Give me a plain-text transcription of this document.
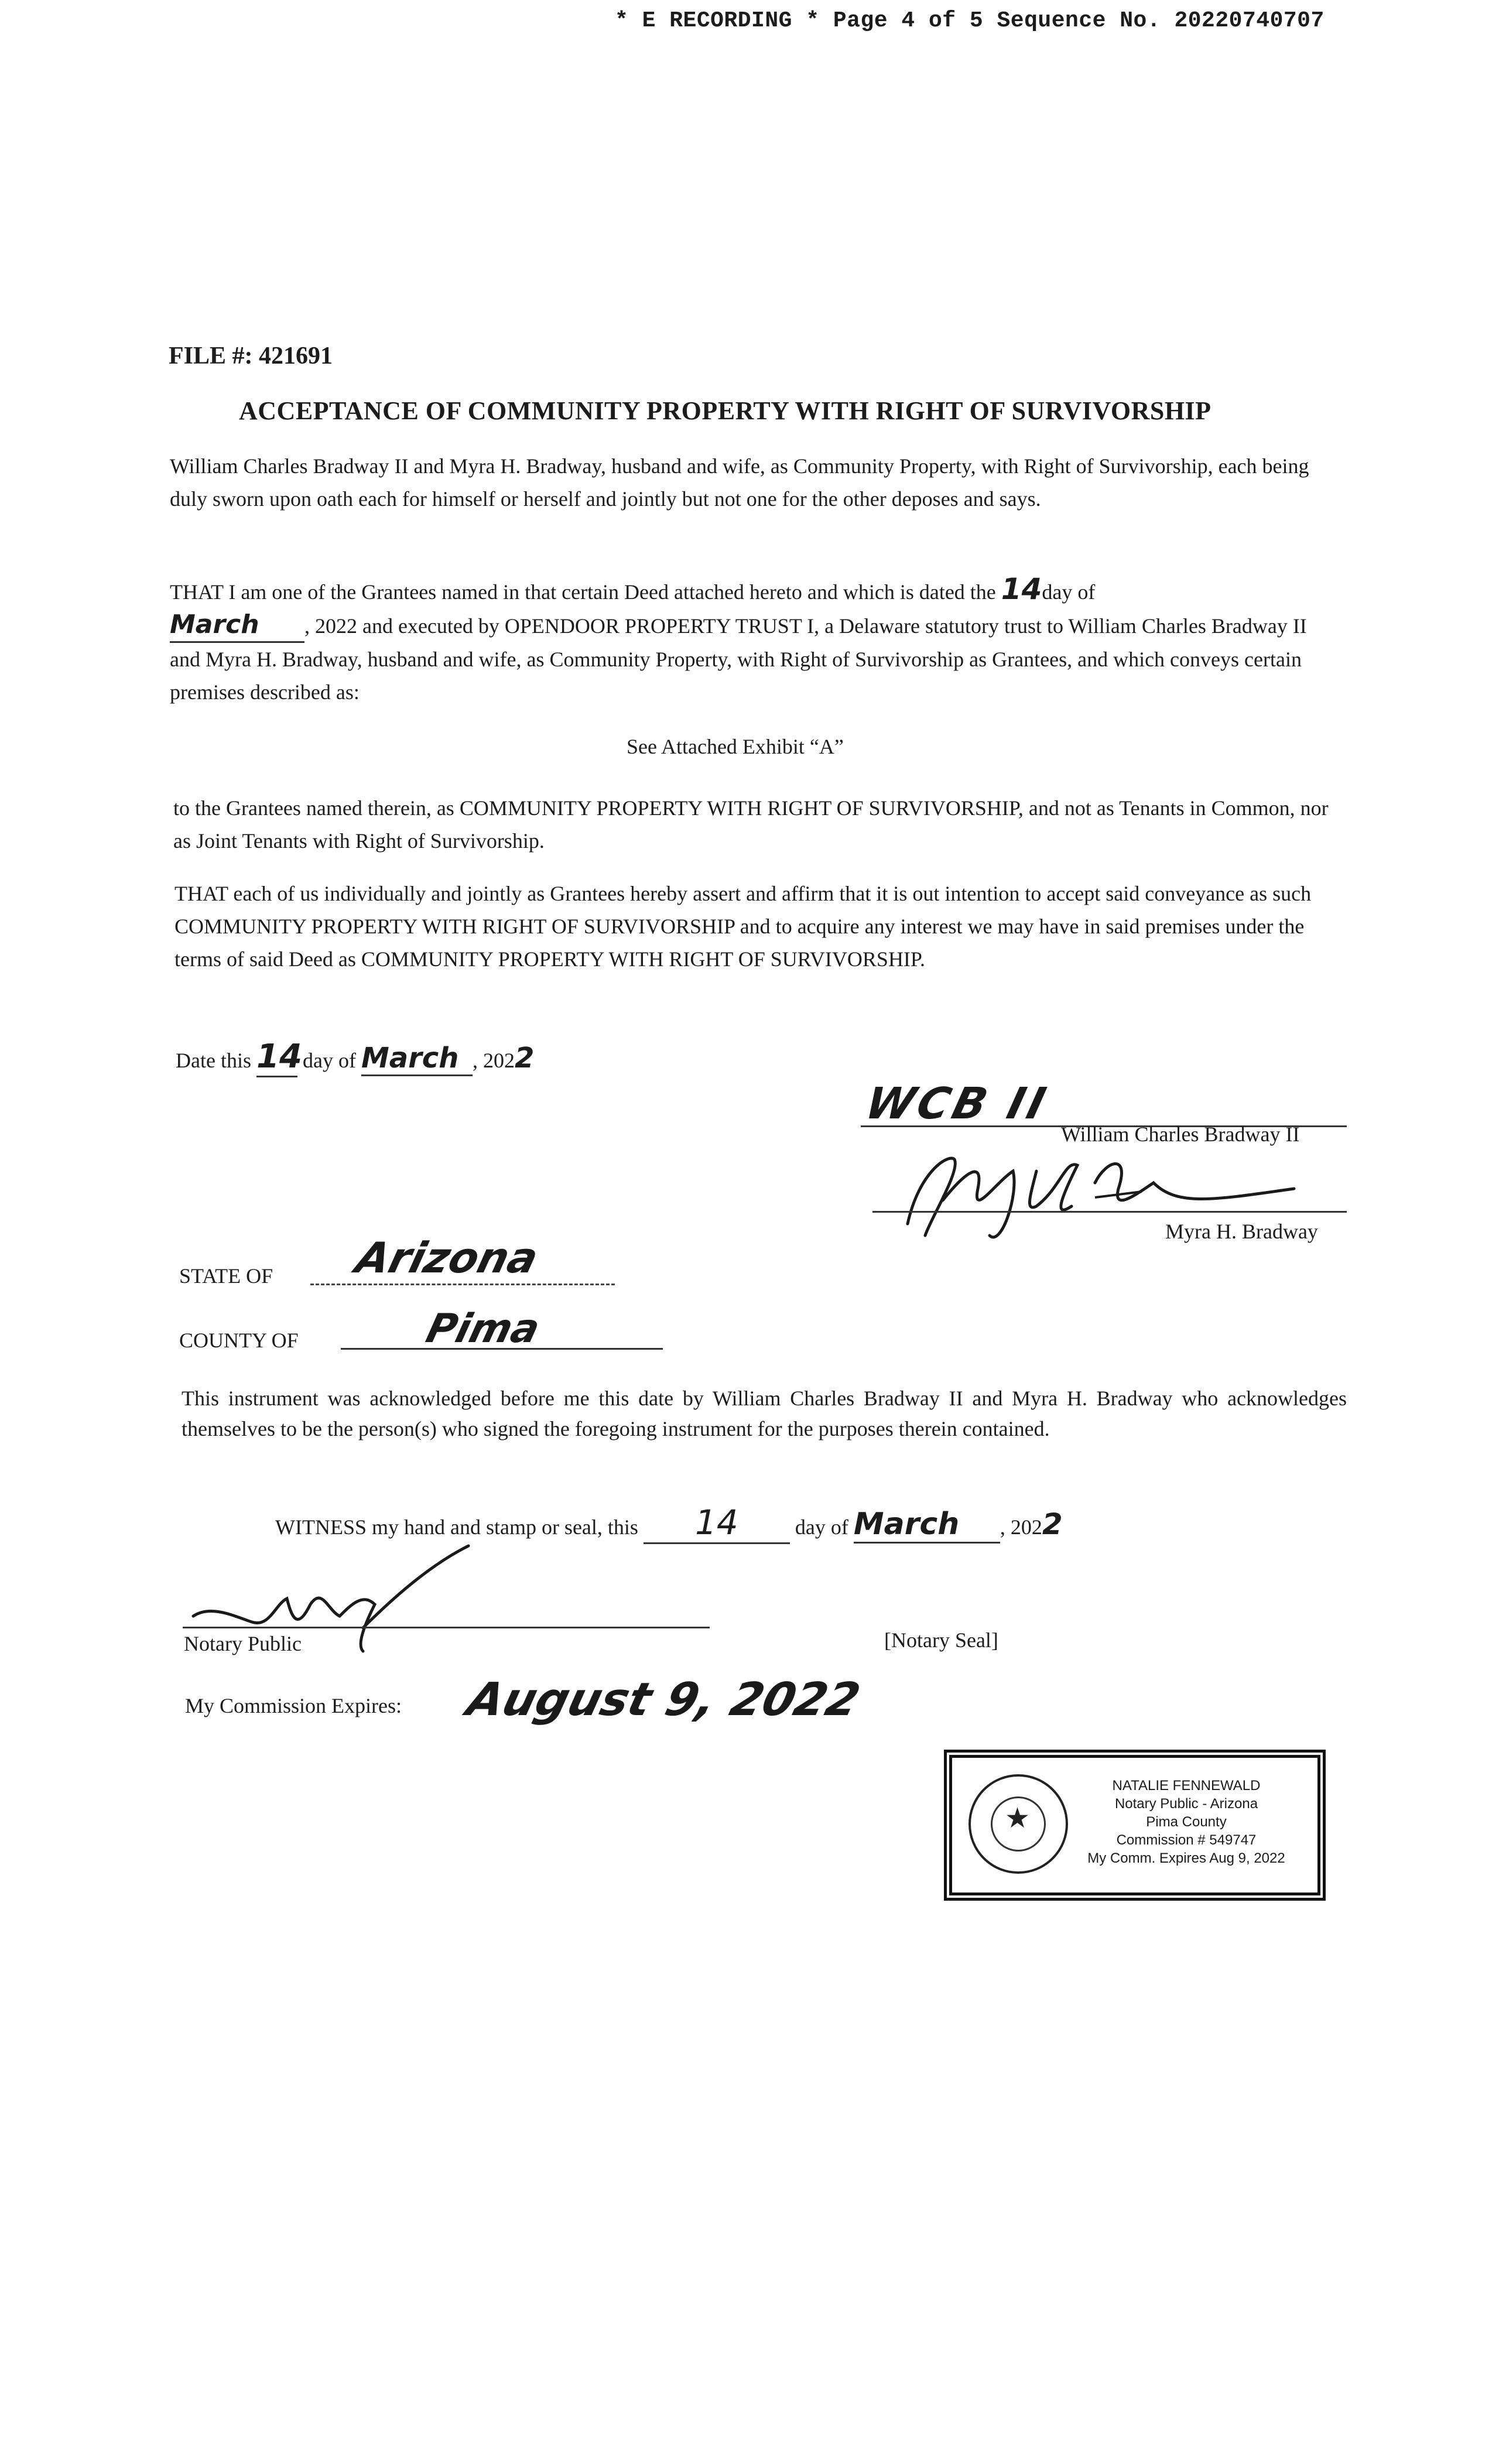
* E RECORDING * Page 4 of 5 Sequence No. 20220740707
FILE #: 421691
ACCEPTANCE OF COMMUNITY PROPERTY WITH RIGHT OF SURVIVORSHIP
William Charles Bradway II and Myra H. Bradway, husband and wife, as Community Property, with Right of Survivorship, each being duly sworn upon oath each for himself or herself and jointly but not one for the other deposes and says.
THAT I am one of the Grantees named in that certain Deed attached hereto and which is dated the 14day of
March , 2022 and executed by OPENDOOR PROPERTY TRUST I, a Delaware statutory trust to William Charles Bradway II and Myra H. Bradway, husband and wife, as Community Property, with Right of Survivorship as Grantees, and which conveys certain premises described as:
See Attached Exhibit “A”
to the Grantees named therein, as COMMUNITY PROPERTY WITH RIGHT OF SURVIVORSHIP, and not as Tenants in Common, nor as Joint Tenants with Right of Survivorship.
THAT each of us individually and jointly as Grantees hereby assert and affirm that it is out intention to accept said conveyance as such COMMUNITY PROPERTY WITH RIGHT OF SURVIVORSHIP and to acquire any interest we may have in said premises under the terms of said Deed as COMMUNITY PROPERTY WITH RIGHT OF SURVIVORSHIP.
Date this 14 day of March , 2022
WCB II
William Charles Bradway II
Myra H. Bradway
STATE OF Arizona
COUNTY OF	Pima
This instrument was acknowledged before me this date by William Charles Bradway II and Myra H. Bradway who acknowledges themselves to be the person(s) who signed the foregoing instrument for the purposes therein contained.
WITNESS my hand and stamp or seal, this 14 day of March , 2022
Notary Public	[Notary Seal]
My Commission Expires: August 9, 2022
★
NATALIE FENNEWALD
Notary Public - Arizona
Pima County
Commission # 549747
My Comm. Expires Aug 9, 2022
